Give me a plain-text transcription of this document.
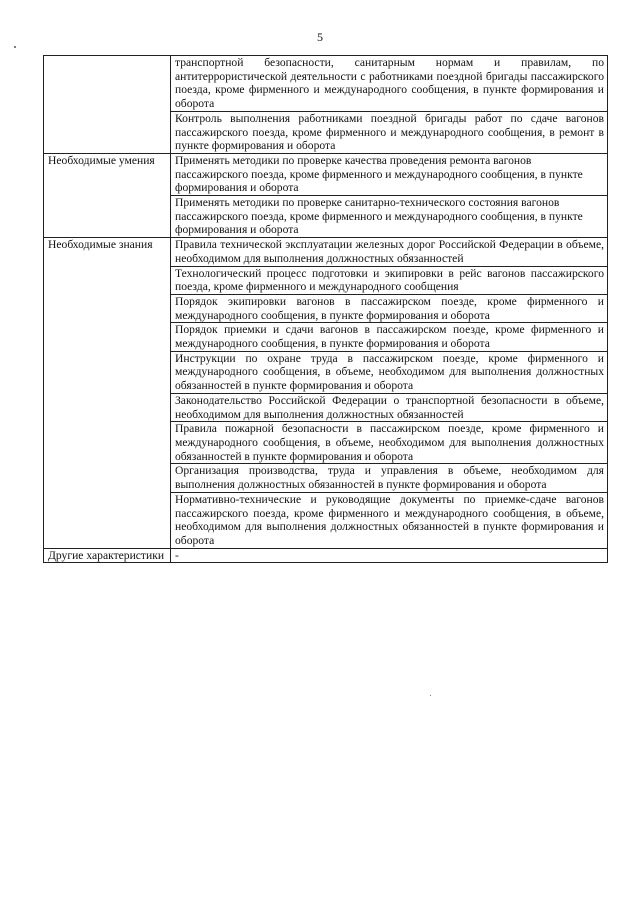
5
	транспортной безопасности, санитарным нормам и правилам, по антитеррористической деятельности с работниками поездной бригады пассажирского поезда, кроме фирменного и международного сообщения, в пункте формирования и оборота
	Контроль выполнения работниками поездной бригады работ по сдаче вагонов пассажирского поезда, кроме фирменного и международного сообщения, в ремонт в пункте формирования и оборота
Необходимые умения	Применять методики по проверке качества проведения ремонта вагонов пассажирского поезда, кроме фирменного и международного сообщения, в пункте формирования и оборота
	Применять методики по проверке санитарно-технического состояния вагонов пассажирского поезда, кроме фирменного и международного сообщения, в пункте формирования и оборота
Необходимые знания	Правила технической эксплуатации железных дорог Российской Федерации в объеме, необходимом для выполнения должностных обязанностей
	Технологический процесс подготовки и экипировки в рейс вагонов пассажирского поезда, кроме фирменного и международного сообщения
	Порядок экипировки вагонов в пассажирском поезде, кроме фирменного и международного сообщения, в пункте формирования и оборота
	Порядок приемки и сдачи вагонов в пассажирском поезде, кроме фирменного и международного сообщения, в пункте формирования и оборота
	Инструкции по охране труда в пассажирском поезде, кроме фирменного и международного сообщения, в объеме, необходимом для выполнения должностных обязанностей в пункте формирования и оборота
	Законодательство Российской Федерации о транспортной безопасности в объеме, необходимом для выполнения должностных обязанностей
	Правила пожарной безопасности в пассажирском поезде, кроме фирменного и международного сообщения, в объеме, необходимом для выполнения должностных обязанностей в пункте формирования и оборота
	Организация производства, труда и управления в объеме, необходимом для выполнения должностных обязанностей в пункте формирования и оборота
	Нормативно-технические и руководящие документы по приемке-сдаче вагонов пассажирского поезда, кроме фирменного и международного сообщения, в объеме, необходимом для выполнения должностных обязанностей в пункте формирования и оборота
Другие характеристики	-
